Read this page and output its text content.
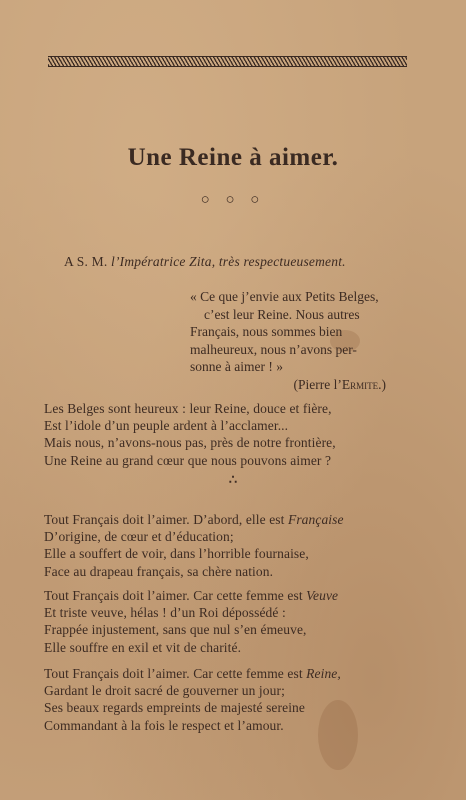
Une Reine à aimer.
○ ○ ○
A S. M. l’Impératrice Zita, très respectueusement.
« Ce que j’envie aux Petits Belges,
c’est leur Reine. Nous autres
Français, nous sommes bien
malheureux, nous n’avons per-
sonne à aimer ! »
(Pierre l’Ermite.)
Les Belges sont heureux : leur Reine, douce et fière,
Est l’idole d’un peuple ardent à l’acclamer...
Mais nous, n’avons-nous pas, près de notre frontière,
Une Reine au grand cœur que nous pouvons aimer ?
∴
Tout Français doit l’aimer. D’abord, elle est Française
D’origine, de cœur et d’éducation;
Elle a souffert de voir, dans l’horrible fournaise,
Face au drapeau français, sa chère nation.
Tout Français doit l’aimer. Car cette femme est Veuve
Et triste veuve, hélas ! d’un Roi dépossédé :
Frappée injustement, sans que nul s’en émeuve,
Elle souffre en exil et vit de charité.
Tout Français doit l’aimer. Car cette femme est Reine,
Gardant le droit sacré de gouverner un jour;
Ses beaux regards empreints de majesté sereine
Commandant à la fois le respect et l’amour.
